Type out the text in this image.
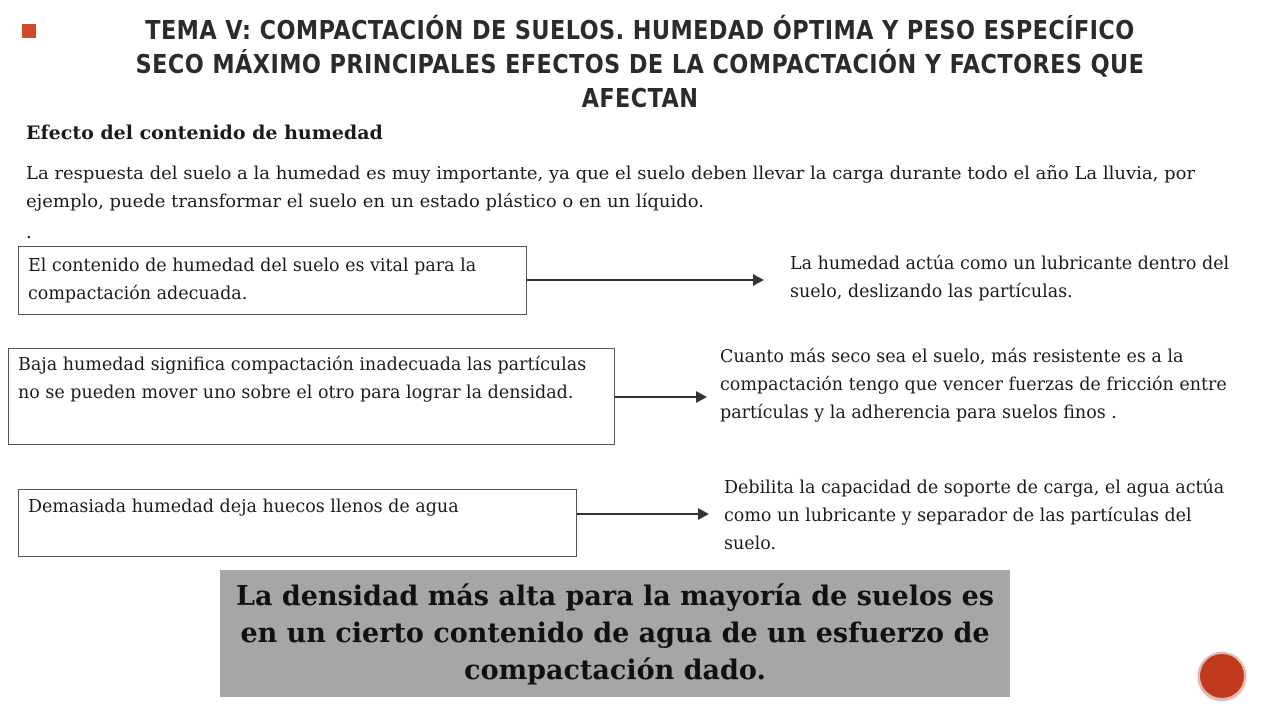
TEMA V: COMPACTACIÓN DE SUELOS. HUMEDAD ÓPTIMA Y PESO ESPECÍFICO SECO MÁXIMO PRINCIPALES EFECTOS DE LA COMPACTACIÓN Y FACTORES QUE AFECTAN
Efecto del contenido de humedad
La respuesta del suelo a la humedad es muy importante, ya que el suelo deben llevar la carga durante todo el año La lluvia, por ejemplo, puede transformar el suelo en un estado plástico o en un líquido.
.
El contenido de humedad del suelo es vital para la compactación adecuada.
La humedad actúa como un lubricante dentro del suelo, deslizando las partículas.
Baja humedad significa compactación inadecuada las partículas no se pueden mover uno sobre el otro para lograr la densidad.
Cuanto más seco sea el suelo, más resistente es a la compactación tengo que vencer fuerzas de fricción entre partículas y la adherencia para suelos finos .
Demasiada humedad deja huecos llenos de agua
Debilita la capacidad de soporte de carga, el agua actúa como un lubricante y separador de las partículas del suelo.
La densidad más alta para la mayoría de suelos es en un cierto contenido de agua de un esfuerzo de compactación dado.
